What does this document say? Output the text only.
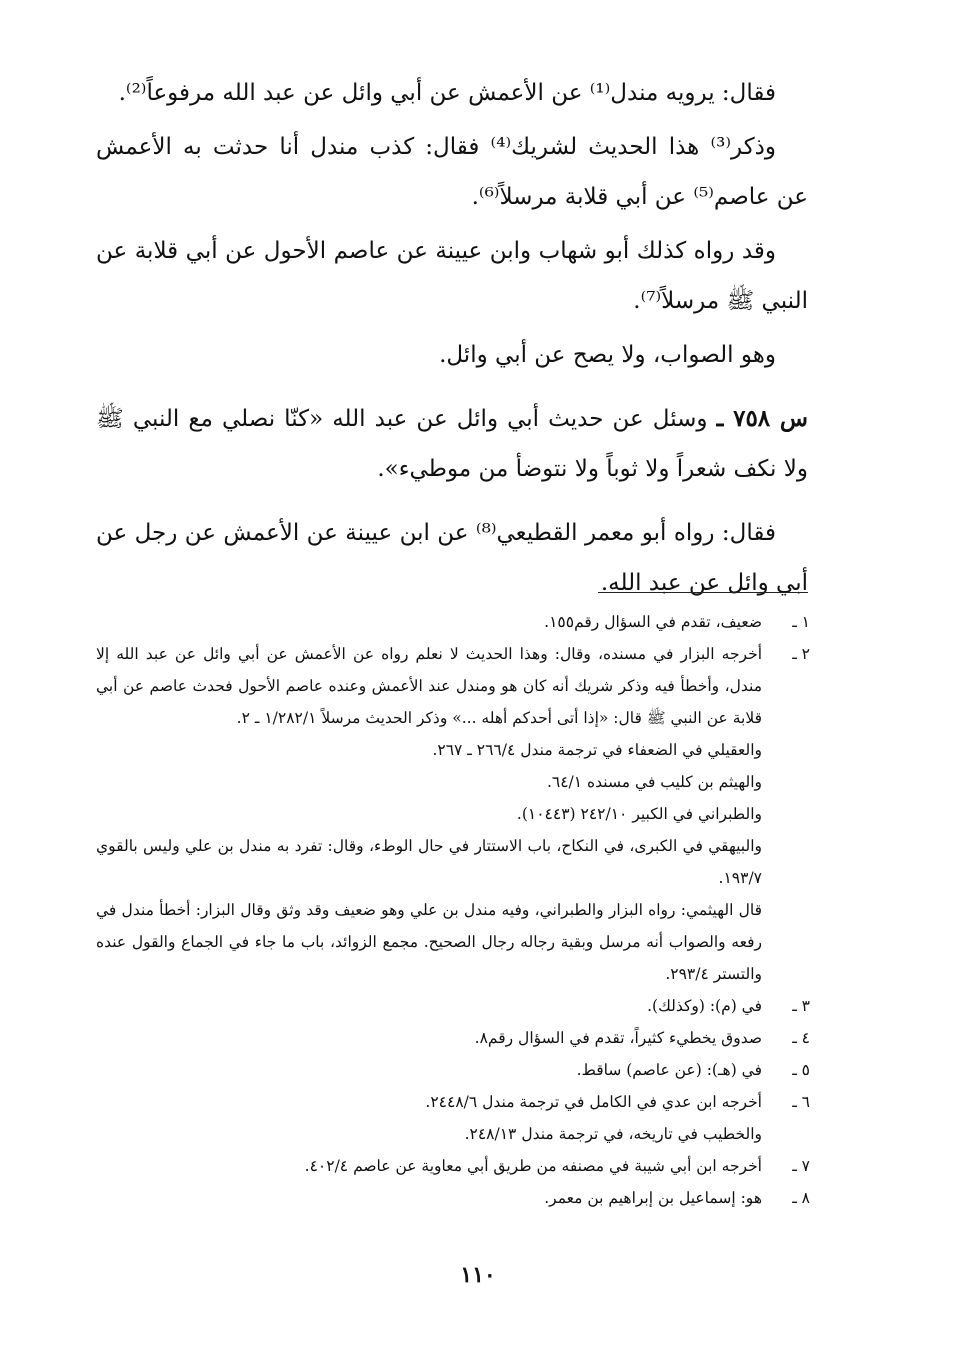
فقال: يرويه مندل⁽¹⁾ عن الأعمش عن أبي وائل عن عبد الله مرفوعاً⁽²⁾.

وذكر⁽³⁾ هذا الحديث لشريك⁽⁴⁾ فقال: كذب مندل أنا حدثت به الأعمش عن عاصم⁽⁵⁾ عن أبي قلابة مرسلاً⁽⁶⁾.

وقد رواه كذلك أبو شهاب وابن عيينة عن عاصم الأحول عن أبي قلابة عن النبي ﷺ مرسلاً⁽⁷⁾.

وهو الصواب، ولا يصح عن أبي وائل.

س ٧٥٨ ـ وسئل عن حديث أبي وائل عن عبد الله «كنّا نصلي مع النبي ﷺ ولا نكف شعراً ولا ثوباً ولا نتوضأ من موطيء».

فقال: رواه أبو معمر القطيعي⁽⁸⁾ عن ابن عيينة عن الأعمش عن رجل عن أبي وائل عن عبد الله.

١ ـ
ضعيف، تقدم في السؤال رقم١٥٥.

٢ ـ
أخرجه البزار في مسنده، وقال: وهذا الحديث لا نعلم رواه عن الأعمش عن أبي وائل عن عبد الله إلا مندل، وأخطأ فيه وذكر شريك أنه كان هو ومندل عند الأعمش وعنده عاصم الأحول فحدث عاصم عن أبي قلابة عن النبي ﷺ قال: «إذا أتى أحدكم أهله ...» وذكر الحديث مرسلاً ١/٢٨٢/١ ـ ٢.

والعقيلي في الضعفاء في ترجمة مندل ٢٦٦/٤ ـ ٢٦٧.

والهيثم بن كليب في مسنده ٦٤/١.

والطبراني في الكبير ٢٤٢/١٠ (١٠٤٤٣).

والبيهقي في الكبرى، في النكاح، باب الاستتار في حال الوطء، وقال: تفرد به مندل بن علي وليس بالقوي ١٩٣/٧.

قال الهيثمي: رواه البزار والطبراني، وفيه مندل بن علي وهو ضعيف وقد وثق وقال البزار: أخطأ مندل في رفعه والصواب أنه مرسل وبقية رجاله رجال الصحيح. مجمع الزوائد، باب ما جاء في الجماع والقول عنده والتستر ٢٩٣/٤.

٣ ـ
في (م): (وكذلك).

٤ ـ
صدوق يخطيء كثيراً، تقدم في السؤال رقم٨.

٥ ـ
في (هـ): (عن عاصم) ساقط.

٦ ـ
أخرجه ابن عدي في الكامل في ترجمة مندل ٢٤٤٨/٦.

والخطيب في تاريخه، في ترجمة مندل ٢٤٨/١٣.

٧ ـ
أخرجه ابن أبي شيبة في مصنفه من طريق أبي معاوية عن عاصم ٤٠٢/٤.

٨ ـ
هو: إسماعيل بن إبراهيم بن معمر.

١١٠
